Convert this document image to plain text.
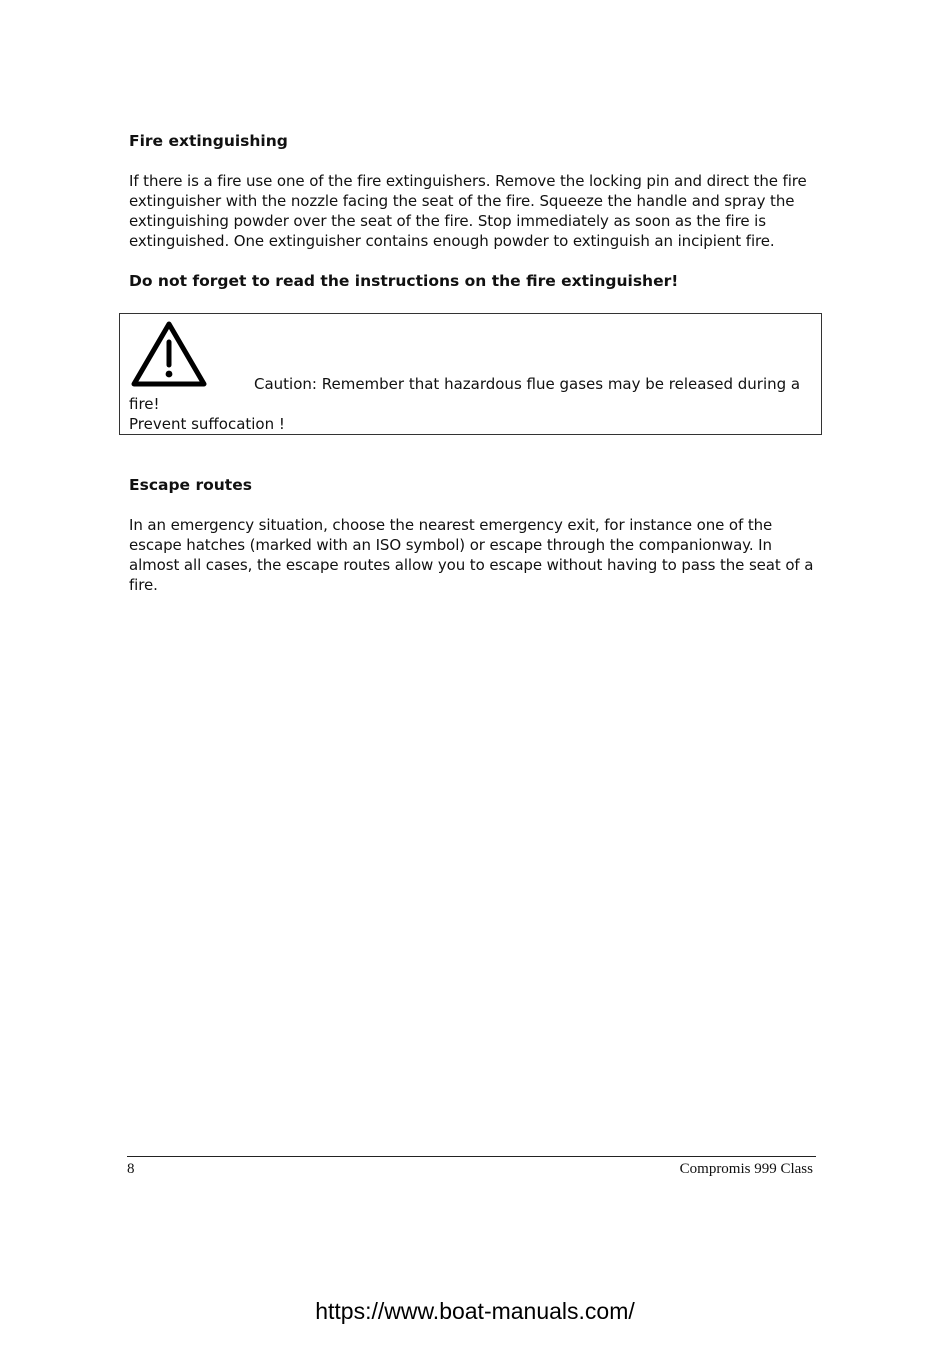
Fire extinguishing

If there is a fire use one of the fire extinguishers. Remove the locking pin and direct the fire extinguisher with the nozzle facing the seat of the fire. Squeeze the handle and spray the extinguishing powder over the seat of the fire. Stop immediately as soon as the fire is extinguished. One extinguisher contains enough powder to extinguish an incipient fire.

Do not forget to read the instructions on the fire extinguisher!

Caution: Remember that hazardous flue gases may be released during a
fire!
Prevent suffocation !

Escape routes

In an emergency situation, choose the nearest emergency exit, for instance one of the escape hatches (marked with an ISO symbol) or escape through the companionway. In almost all cases, the escape routes allow you to escape without having to pass the seat of a fire.

8	Compromis 999 Class
https://www.boat-manuals.com/
